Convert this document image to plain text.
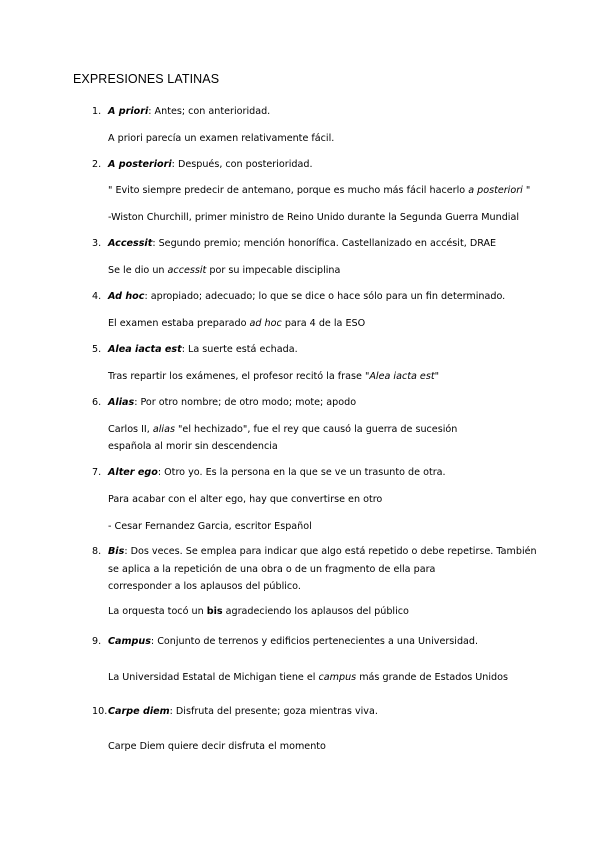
EXPRESIONES LATINAS
1. A priori: Antes; con anterioridad.
A priori parecía un examen relativamente fácil.
2. A posteriori: Después, con posterioridad.
" Evito siempre predecir de antemano, porque es mucho más fácil hacerlo a posteriori "
-Wiston Churchill, primer ministro de Reino Unido durante la Segunda Guerra Mundial
3. Accessit: Segundo premio; mención honorífica. Castellanizado en accésit, DRAE
Se le dio un accessit por su impecable disciplina
4. Ad hoc: apropiado; adecuado; lo que se dice o hace sólo para un fin determinado.
El examen estaba preparado ad hoc para 4 de la ESO
5. Alea iacta est: La suerte está echada.
Tras repartir los exámenes, el profesor recitó la frase "Alea iacta est"
6. Alias: Por otro nombre; de otro modo; mote; apodo
Carlos II, alias "el hechizado", fue el rey que causó la guerra de sucesión española al morir sin descendencia
7. Alter ego: Otro yo. Es la persona en la que se ve un trasunto de otra.
Para acabar con el alter ego, hay que convertirse en otro
- Cesar Fernandez Garcia, escritor Español
8. Bis: Dos veces. Se emplea para indicar que algo está repetido o debe repetirse. También
se aplica a la repetición de una obra o de un fragmento de ella para corresponder a los aplausos del público.
La orquesta tocó un bis agradeciendo los aplausos del público
9. Campus: Conjunto de terrenos y edificios pertenecientes a una Universidad.
La Universidad Estatal de Michigan tiene el campus más grande de Estados Unidos
10. Carpe diem: Disfruta del presente; goza mientras viva.
Carpe Diem quiere decir disfruta el momento
